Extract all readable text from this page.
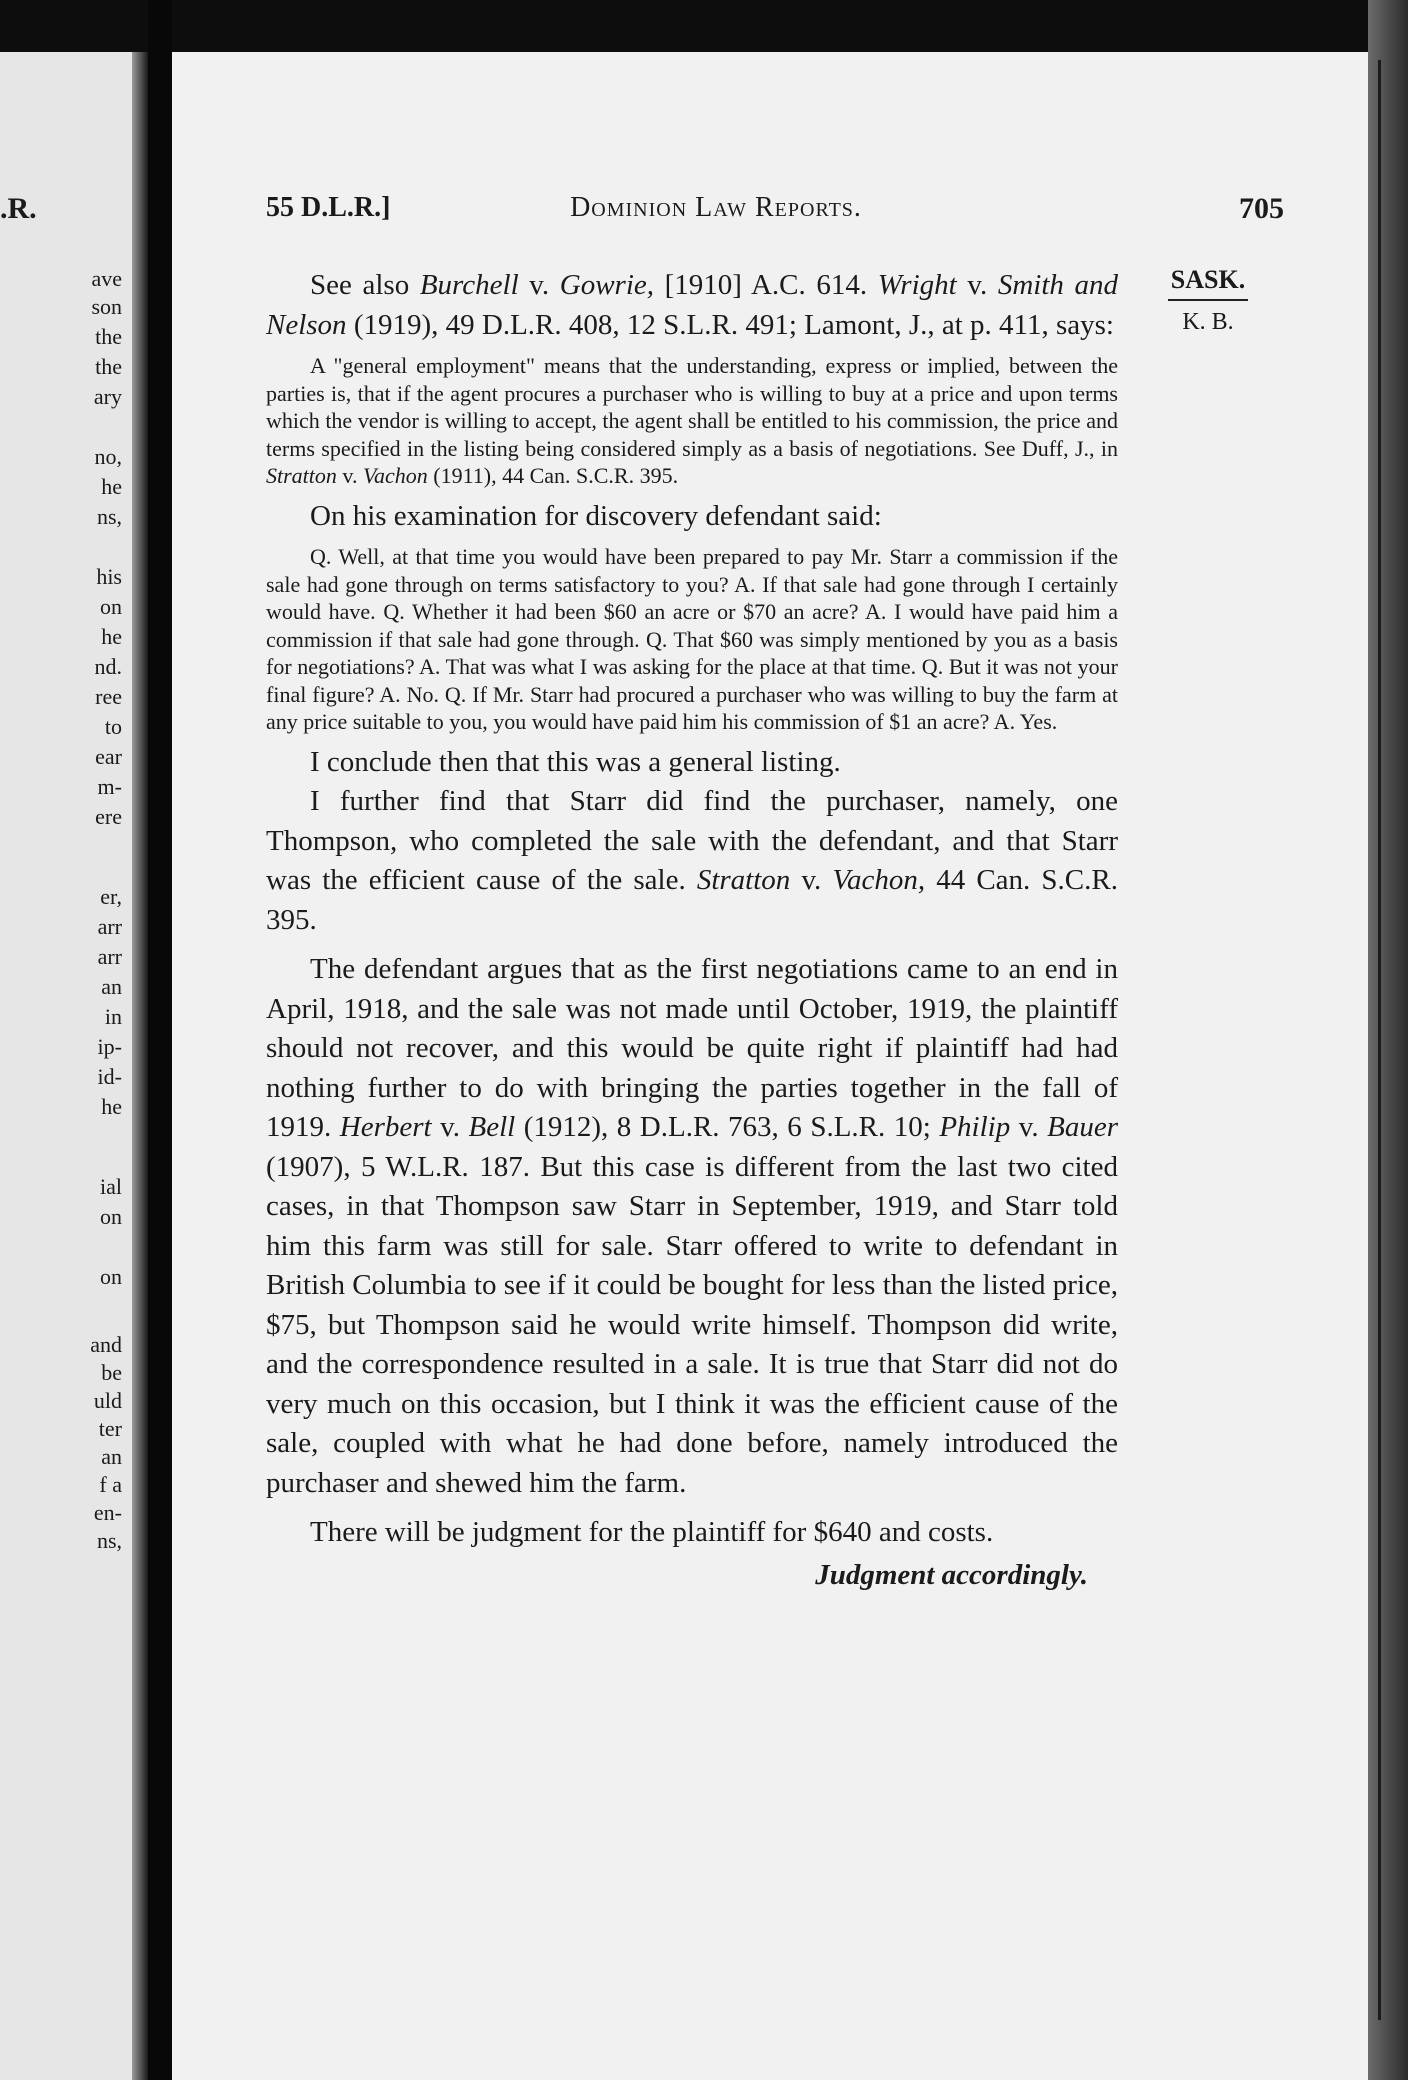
.R.
ave
son
the
the
ary
no,
he
ns,
his
on
he
nd.
ree
to
ear
m-
ere
er,
arr
arr
an
in
ip-
id-
he
ial
on
on
and
be
uld
ter
an
f a
en-
ns,
55 D.L.R.]	Dominion Law Reports.	705
SASK.
K. B.

See also Burchell v. Gowrie, [1910] A.C. 614. Wright v. Smith and Nelson (1919), 49 D.L.R. 408, 12 S.L.R. 491; Lamont, J., at p. 411, says:

A "general employment" means that the understanding, express or implied, between the parties is, that if the agent procures a purchaser who is willing to buy at a price and upon terms which the vendor is willing to accept, the agent shall be entitled to his commission, the price and terms specified in the listing being considered simply as a basis of negotiations. See Duff, J., in Stratton v. Vachon (1911), 44 Can. S.C.R. 395.

On his examination for discovery defendant said:

Q. Well, at that time you would have been prepared to pay Mr. Starr a commission if the sale had gone through on terms satisfactory to you? A. If that sale had gone through I certainly would have. Q. Whether it had been $60 an acre or $70 an acre? A. I would have paid him a commission if that sale had gone through. Q. That $60 was simply mentioned by you as a basis for negotiations? A. That was what I was asking for the place at that time. Q. But it was not your final figure? A. No. Q. If Mr. Starr had procured a purchaser who was willing to buy the farm at any price suitable to you, you would have paid him his commission of $1 an acre? A. Yes.

I conclude then that this was a general listing.

I further find that Starr did find the purchaser, namely, one Thompson, who completed the sale with the defendant, and that Starr was the efficient cause of the sale. Stratton v. Vachon, 44 Can. S.C.R. 395.

The defendant argues that as the first negotiations came to an end in April, 1918, and the sale was not made until October, 1919, the plaintiff should not recover, and this would be quite right if plaintiff had had nothing further to do with bringing the parties together in the fall of 1919. Herbert v. Bell (1912), 8 D.L.R. 763, 6 S.L.R. 10; Philip v. Bauer (1907), 5 W.L.R. 187. But this case is different from the last two cited cases, in that Thompson saw Starr in September, 1919, and Starr told him this farm was still for sale. Starr offered to write to defendant in British Columbia to see if it could be bought for less than the listed price, $75, but Thompson said he would write himself. Thompson did write, and the correspondence resulted in a sale. It is true that Starr did not do very much on this occasion, but I think it was the efficient cause of the sale, coupled with what he had done before, namely introduced the purchaser and shewed him the farm.

There will be judgment for the plaintiff for $640 and costs.

Judgment accordingly.
